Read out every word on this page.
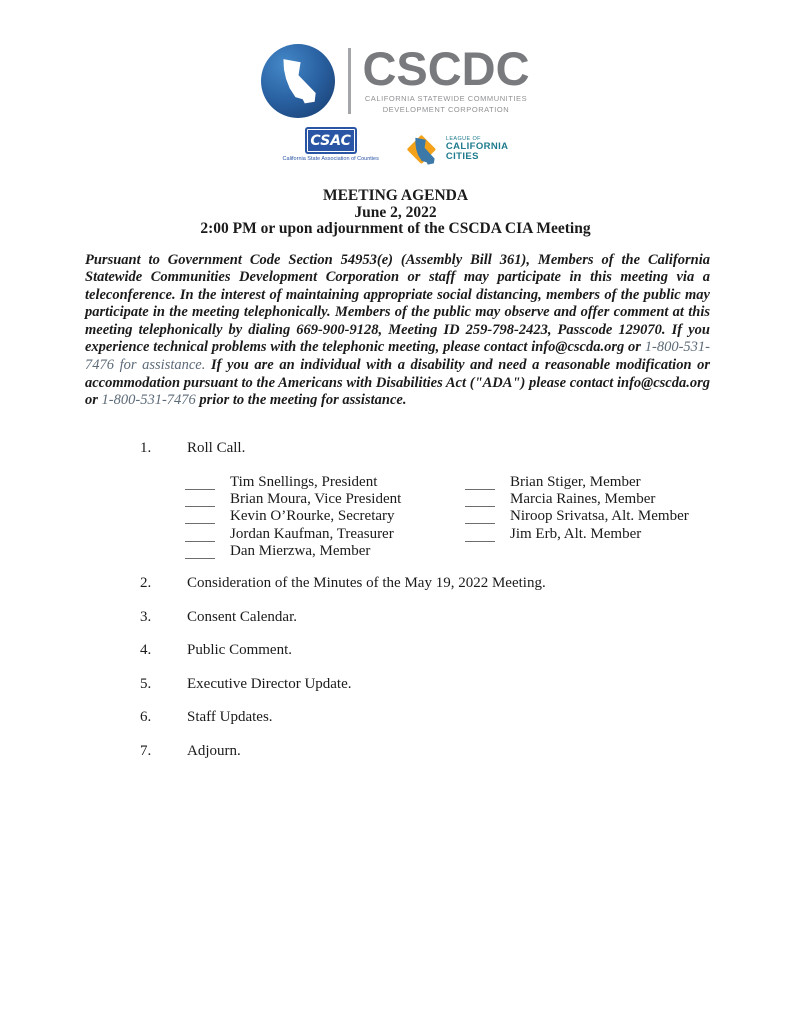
CSCDC
CALIFORNIA STATEWIDE COMMUNITIES
DEVELOPMENT CORPORATION
CSAC
California State Association of Counties
LEAGUE OF
CALIFORNIA
CITIES
MEETING AGENDA
June 2, 2022
2:00 PM or upon adjournment of the CSCDA CIA Meeting
Pursuant to Government Code Section 54953(e) (Assembly Bill 361), Members of the California Statewide Communities Development Corporation or staff may participate in this meeting via a teleconference. In the interest of maintaining appropriate social distancing, members of the public may participate in the meeting telephonically. Members of the public may observe and offer comment at this meeting telephonically by dialing 669-900-9128, Meeting ID 259-798-2423, Passcode 129070. If you experience technical problems with the telephonic meeting, please contact info@cscda.org or 1-800-531-7476 for assistance. If you are an individual with a disability and need a reasonable modification or accommodation pursuant to the Americans with Disabilities Act ("ADA") please contact info@cscda.org or 1-800-531-7476 prior to the meeting for assistance.
1.	Roll Call.
Tim Snellings, President
Brian Moura, Vice President
Kevin O’Rourke, Secretary
Jordan Kaufman, Treasurer
Dan Mierzwa, Member
Brian Stiger, Member
Marcia Raines, Member
Niroop Srivatsa, Alt. Member
Jim Erb, Alt. Member
2.	Consideration of the Minutes of the May 19, 2022 Meeting.
3.	Consent Calendar.
4.	Public Comment.
5.	Executive Director Update.
6.	Staff Updates.
7.	Adjourn.
